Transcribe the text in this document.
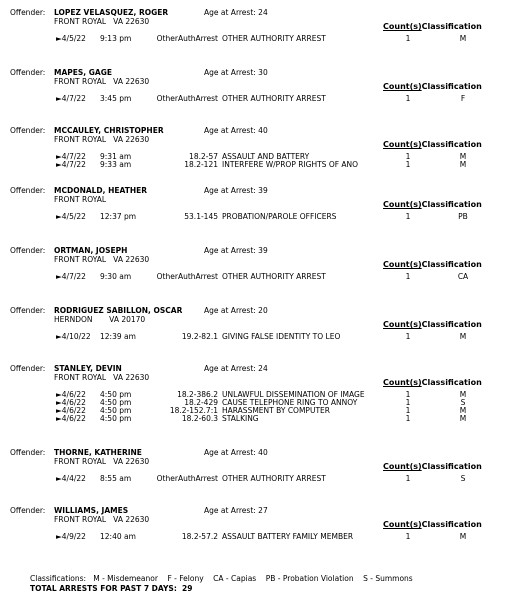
Offender: LOPEZ VELASQUEZ, ROGER	Age at Arrest: 24
FRONT ROYAL   VA 22630
Count(s)Classification
►4/5/22 9:13 pm	OtherAuthArrest OTHER AUTHORITY ARREST	1	M
Offender: MAPES, GAGE	Age at Arrest: 30
FRONT ROYAL   VA 22630
Count(s)Classification
►4/7/22 3:45 pm	OtherAuthArrest OTHER AUTHORITY ARREST	1	F
Offender: MCCAULEY, CHRISTOPHER	Age at Arrest: 40
FRONT ROYAL   VA 22630
Count(s)Classification
►4/7/22 9:31 am	18.2-57 ASSAULT AND BATTERY	1	M
►4/7/22 9:33 am	18.2-121 INTERFERE W/PROP RIGHTS OF ANO	1	M
Offender: MCDONALD, HEATHER	Age at Arrest: 39
FRONT ROYAL
Count(s)Classification
►4/5/22 12:37 pm	53.1-145 PROBATION/PAROLE OFFICERS	1	PB
Offender: ORTMAN, JOSEPH	Age at Arrest: 39
FRONT ROYAL   VA 22630
Count(s)Classification
►4/7/22 9:30 am	OtherAuthArrest OTHER AUTHORITY ARREST	1	CA
Offender: RODRIGUEZ SABILLON, OSCAR	Age at Arrest: 20
HERNDON       VA 20170
Count(s)Classification
►4/10/22 12:39 am	19.2-82.1 GIVING FALSE IDENTITY TO LEO	1	M
Offender: STANLEY, DEVIN	Age at Arrest: 24
FRONT ROYAL   VA 22630
Count(s)Classification
►4/6/22 4:50 pm	18.2-386.2 UNLAWFUL DISSEMINATION OF IMAGE	1	M
►4/6/22 4:50 pm	18.2-429 CAUSE TELEPHONE RING TO ANNOY	1	S
►4/6/22 4:50 pm	18.2-152.7:1 HARASSMENT BY COMPUTER	1	M
►4/6/22 4:50 pm	18.2-60.3 STALKING	1	M
Offender: THORNE, KATHERINE	Age at Arrest: 40
FRONT ROYAL   VA 22630
Count(s)Classification
►4/4/22 8:55 am	OtherAuthArrest OTHER AUTHORITY ARREST	1	S
Offender: WILLIAMS, JAMES	Age at Arrest: 27
FRONT ROYAL   VA 22630
Count(s)Classification
►4/9/22 12:40 am	18.2-57.2 ASSAULT BATTERY FAMILY MEMBER	1	M
Classifications:   M - Misdemeanor    F - Felony    CA - Capias    PB - Probation Violation    S - Summons
TOTAL ARRESTS FOR PAST 7 DAYS:  29
